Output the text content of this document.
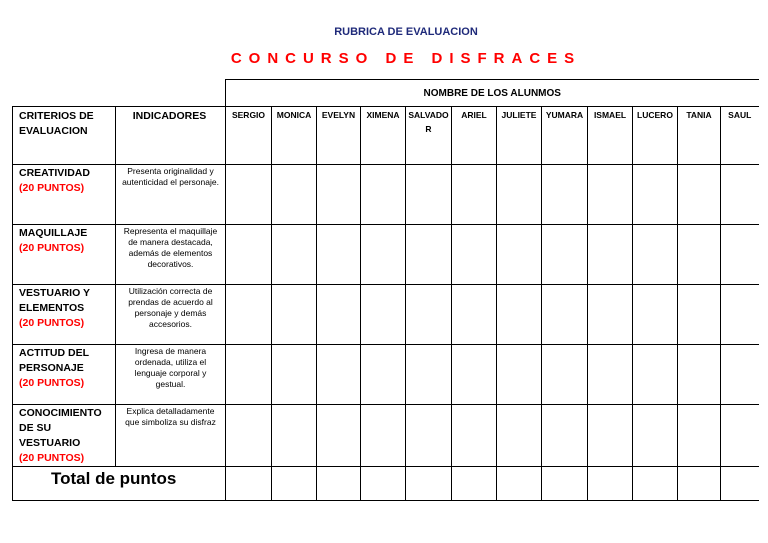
RUBRICA DE EVALUACION
CONCURSO DE DISFRACES
		NOMBRE DE LOS ALUNMOS											

CRITERIOS DE EVALUACION	INDICADORES	SERGIO	MONICA	EVELYN	XIMENA	SALVADOR	ARIEL	JULIETE	YUMARA	ISMAEL	LUCERO	TANIA	SAUL

CREATIVIDAD
(20 PUNTOS)	Presenta originalidad y autenticidad el personaje.												

MAQUILLAJE
(20 PUNTOS)	Representa el maquillaje de manera destacada, además de elementos decorativos.												

VESTUARIO Y ELEMENTOS
(20 PUNTOS)	Utilización correcta de prendas de acuerdo al personaje y demás accesorios.												

ACTITUD DEL PERSONAJE
(20 PUNTOS)	Ingresa de manera ordenada, utiliza el lenguaje corporal y gestual.												

CONOCIMIENTO DE SU VESTUARIO
(20 PUNTOS)	Explica detalladamente que simboliza su disfraz												

Total de puntos													
